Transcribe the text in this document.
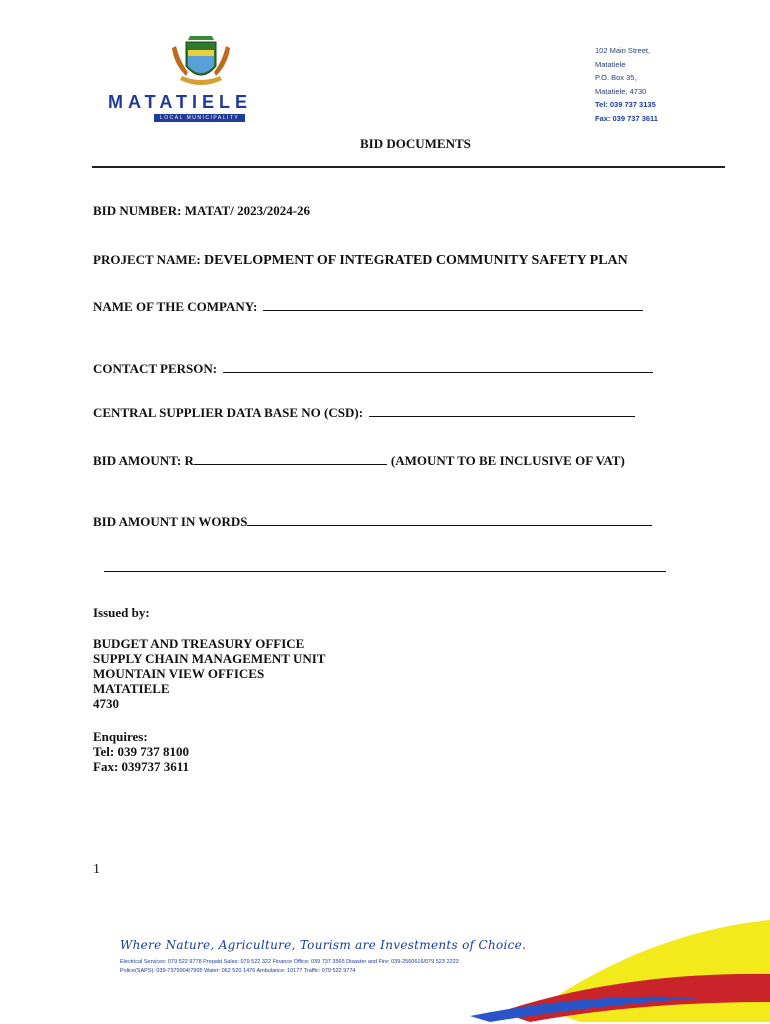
MATATIELE
LOCAL MUNICIPALITY
102 Main Street,
Matatiele
P.O. Box 35,
Matatiele, 4730
Tel: 039 737 3135
Fax: 039 737 3611
BID DOCUMENTS
BID NUMBER: MATAT/ 2023/2024-26
PROJECT NAME: DEVELOPMENT OF INTEGRATED COMMUNITY SAFETY PLAN
NAME OF THE COMPANY:
CONTACT PERSON:
CENTRAL SUPPLIER DATA BASE NO (CSD):
BID AMOUNT: R	(AMOUNT TO BE INCLUSIVE OF VAT)
BID AMOUNT IN WORDS
Issued by:
BUDGET AND TREASURY OFFICE
SUPPLY CHAIN MANAGEMENT UNIT
MOUNTAIN VIEW OFFICES
MATATIELE
4730
Enquires:
Tel: 039 737 8100
Fax: 039737 3611
1
Where Nature, Agriculture, Tourism are Investments of Choice.
Electrical Services: 079 522 9778 Prepaid Sales: 079 522 322 Finance Office: 039 737 3565 Disaster and Fire: 039-2560616/079 523 2223
Police(SAPS): 039-7379904/7905 Water: 062 520 1476 Ambulance: 10177 Traffic: 079 522 9774
